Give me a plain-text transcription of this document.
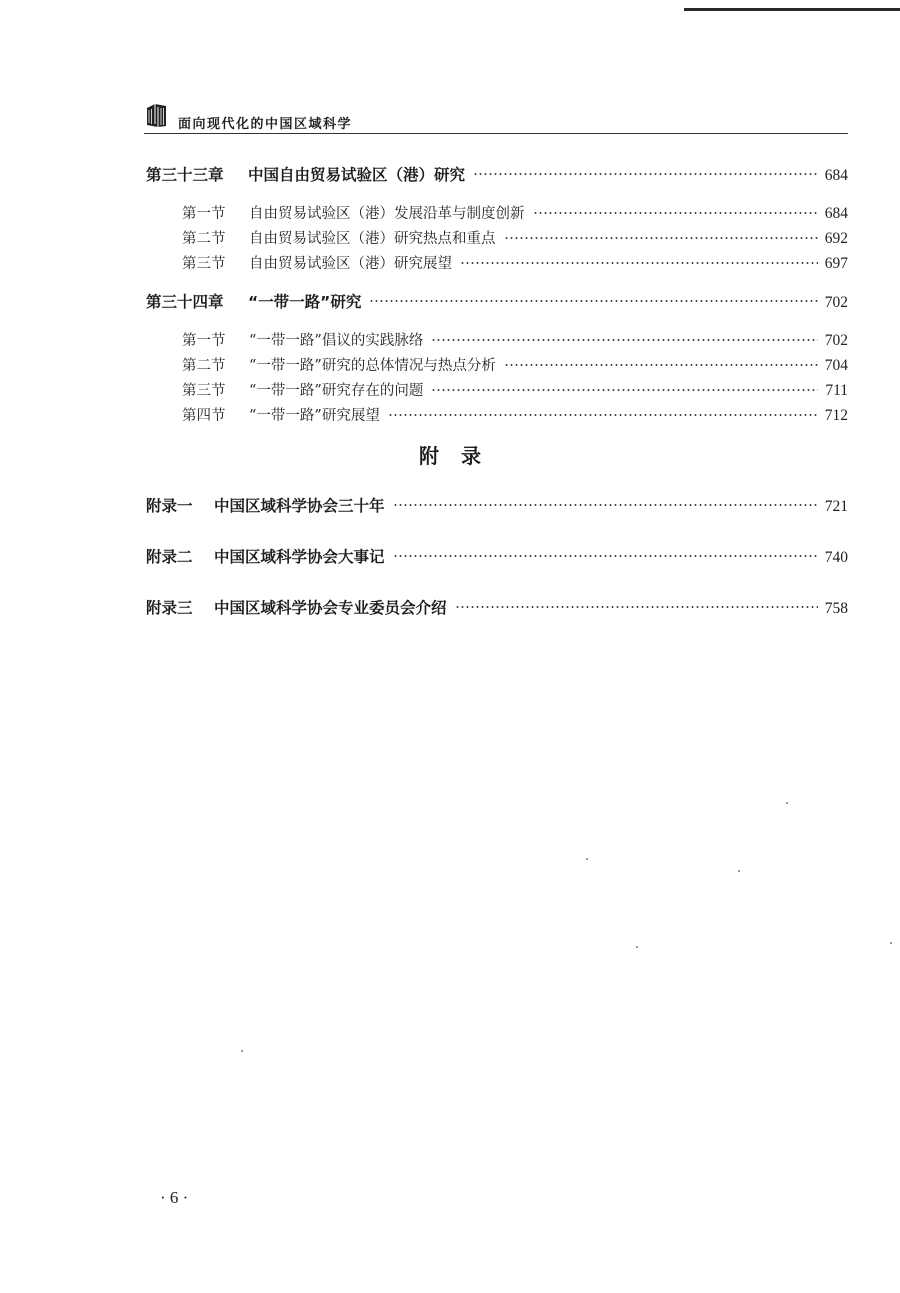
面向现代化的中国区域科学
第三十三章	中国自由贸易试验区（港）研究	684
第一节	自由贸易试验区（港）发展沿革与制度创新	684
第二节	自由贸易试验区（港）研究热点和重点	692
第三节	自由贸易试验区（港）研究展望	697
第三十四章	“一带一路”研究	702
第一节	“一带一路”倡议的实践脉络	702
第二节	“一带一路”研究的总体情况与热点分析	704
第三节	“一带一路”研究存在的问题	711
第四节	“一带一路”研究展望	712
附录
附录一	中国区域科学协会三十年	721
附录二	中国区域科学协会大事记	740
附录三	中国区域科学协会专业委员会介绍	758
· 6 ·
